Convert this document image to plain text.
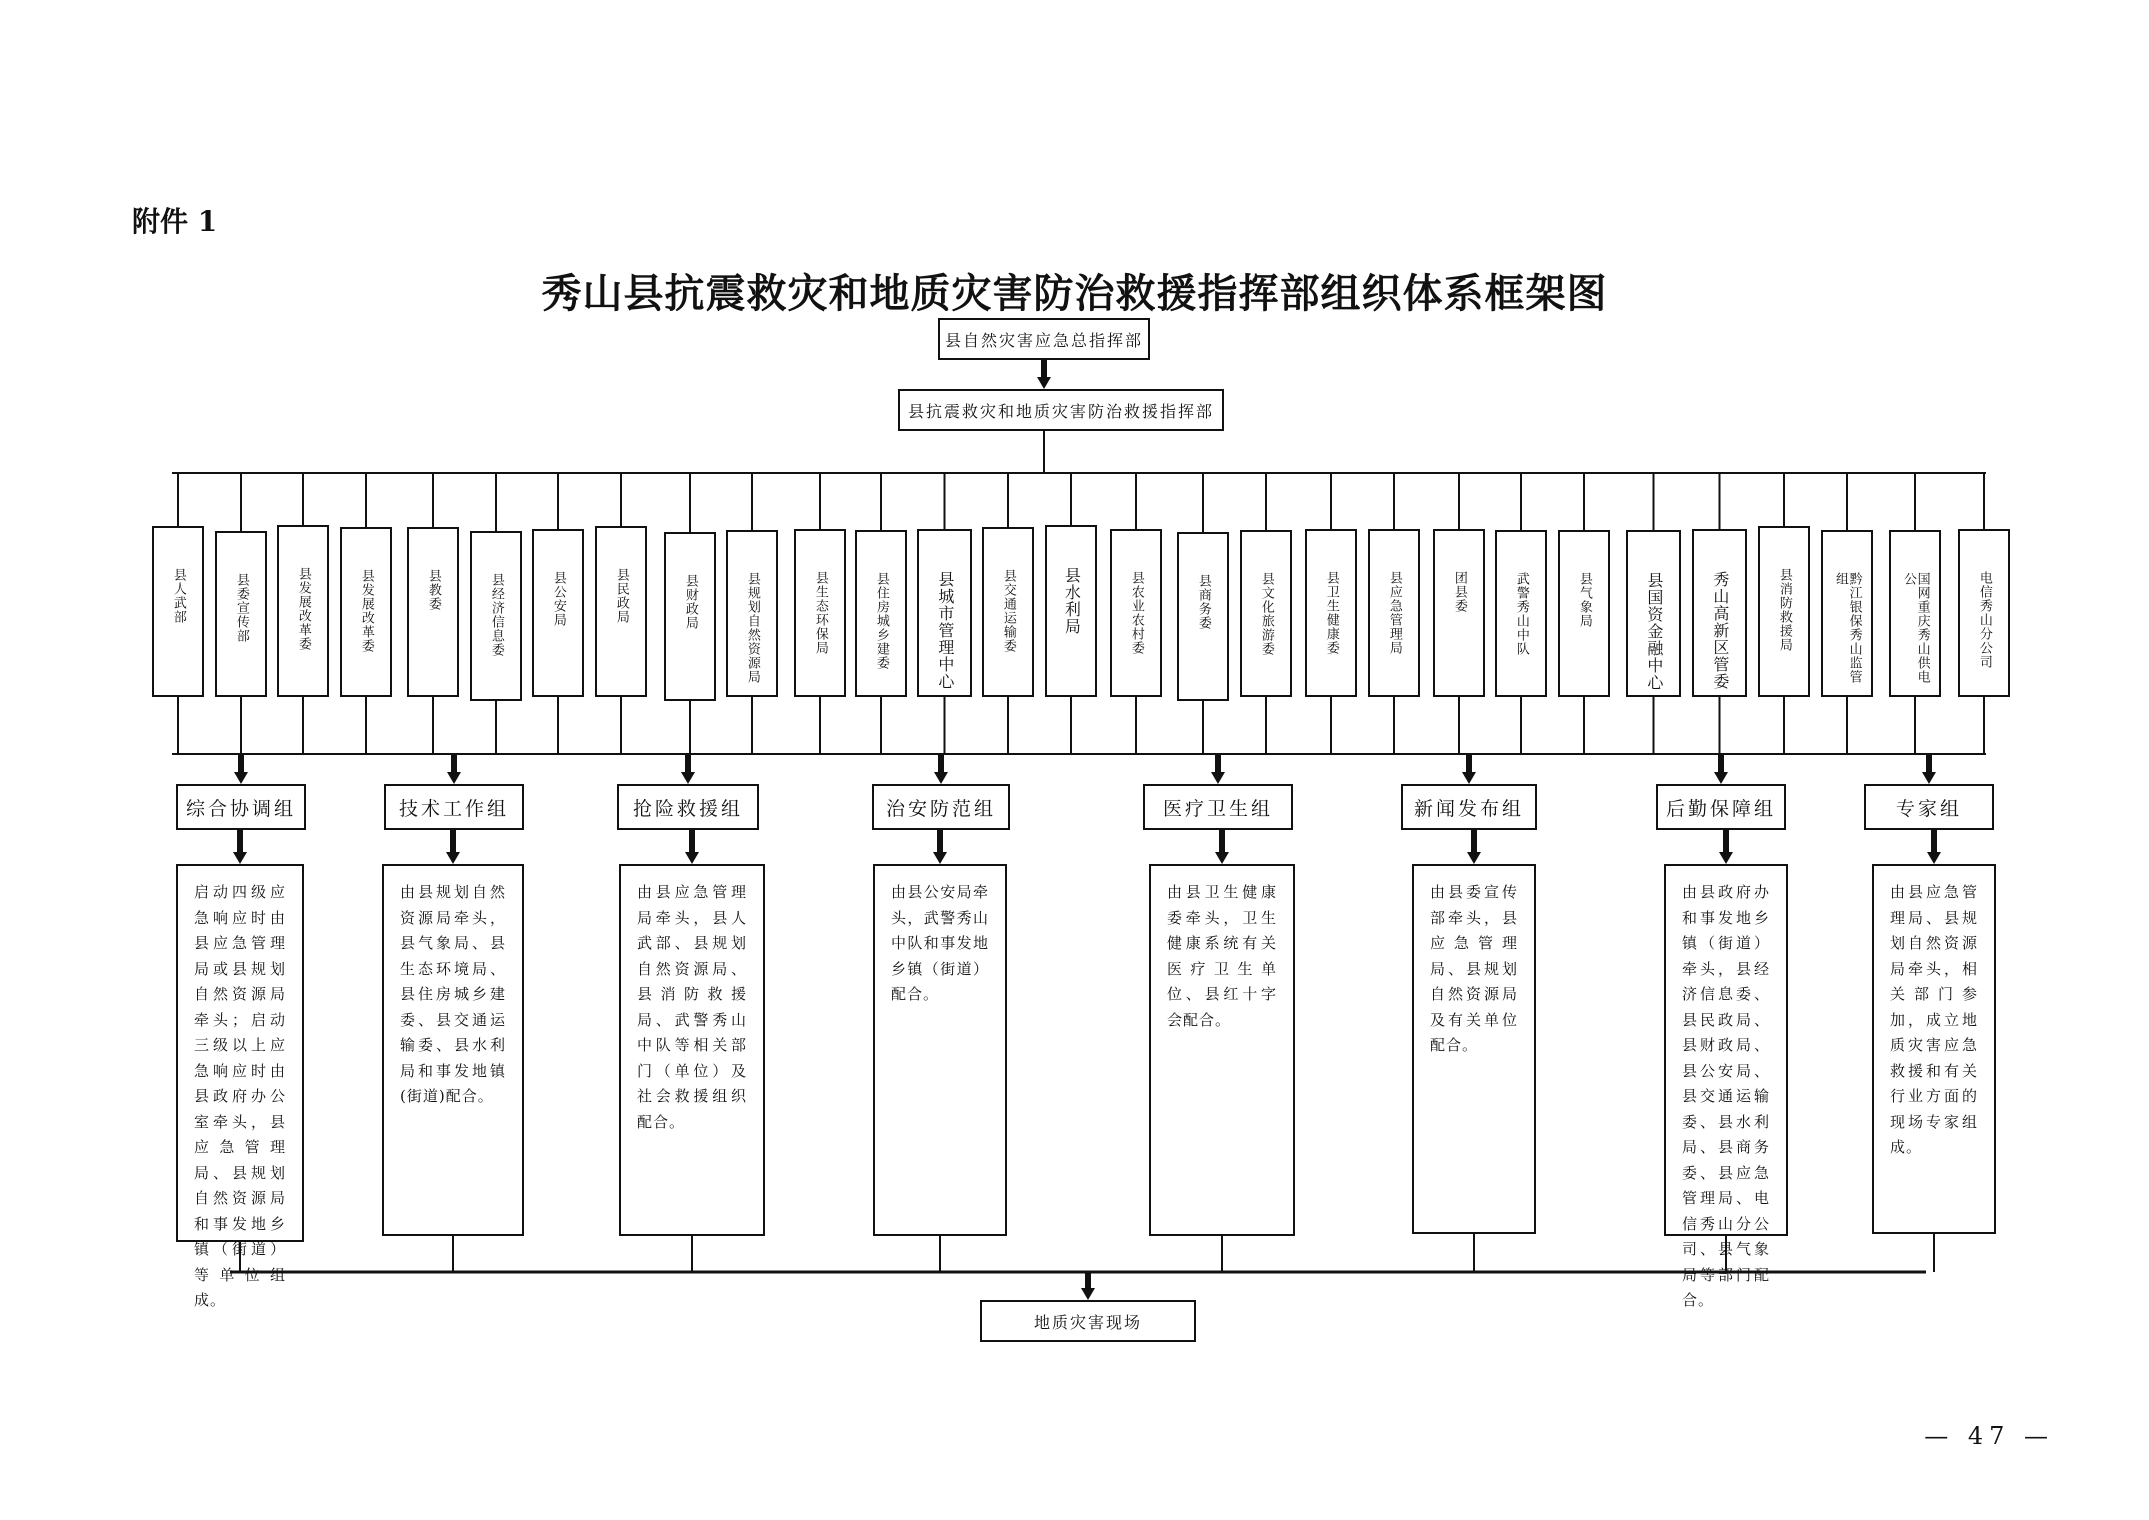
附件 1
秀山县抗震救灾和地质灾害防治救援指挥部组织体系框架图
县自然灾害应急总指挥部
县抗震救灾和地质灾害防治救援指挥部
县人武部	县委宣传部	县发展改革委	县发展改革委	县教委	县经济信息委	县公安局	县民政局	县财政局	县规划自然资源局	县生态环保局	县住房城乡建委	县城市管理中心	县交通运输委	县水利局	县农业农村委	县商务委	县文化旅游委	县卫生健康委	县应急管理局	团县委	武警秀山中队	县气象局	县国资金融中心	秀山高新区管委	县消防救援局	黔江银保秀山监管组	国网重庆秀山供电公	电信秀山分公司
综合协调组
启动四级应急响应时由县应急管理局或县规划自然资源局牵头；启动三级以上应急响应时由县政府办公室牵头，县应急管理局、县规划自然资源局和事发地乡镇（街道）等单位组成。
技术工作组
由县规划自然资源局牵头，县气象局、县生态环境局、县住房城乡建委、县交通运输委、县水利局和事发地镇(街道)配合。
抢险救援组
由县应急管理局牵头，县人武部、县规划自然资源局、县消防救援局、武警秀山中队等相关部门（单位）及社会救援组织配合。
治安防范组
由县公安局牵头，武警秀山中队和事发地乡镇（街道）配合。
医疗卫生组
由县卫生健康委牵头，卫生健康系统有关医疗卫生单位、县红十字会配合。
新闻发布组
由县委宣传部牵头，县应急管理局、县规划自然资源局及有关单位配合。
后勤保障组
由县政府办和事发地乡镇（街道）牵头，县经济信息委、县民政局、县财政局、县公安局、县交通运输委、县水利局、县商务委、县应急管理局、电信秀山分公司、县气象局等部门配合。
专家组
由县应急管理局、县规划自然资源局牵头，相关部门参加，成立地质灾害应急救援和有关行业方面的现场专家组成。
地质灾害现场
— 47 —
